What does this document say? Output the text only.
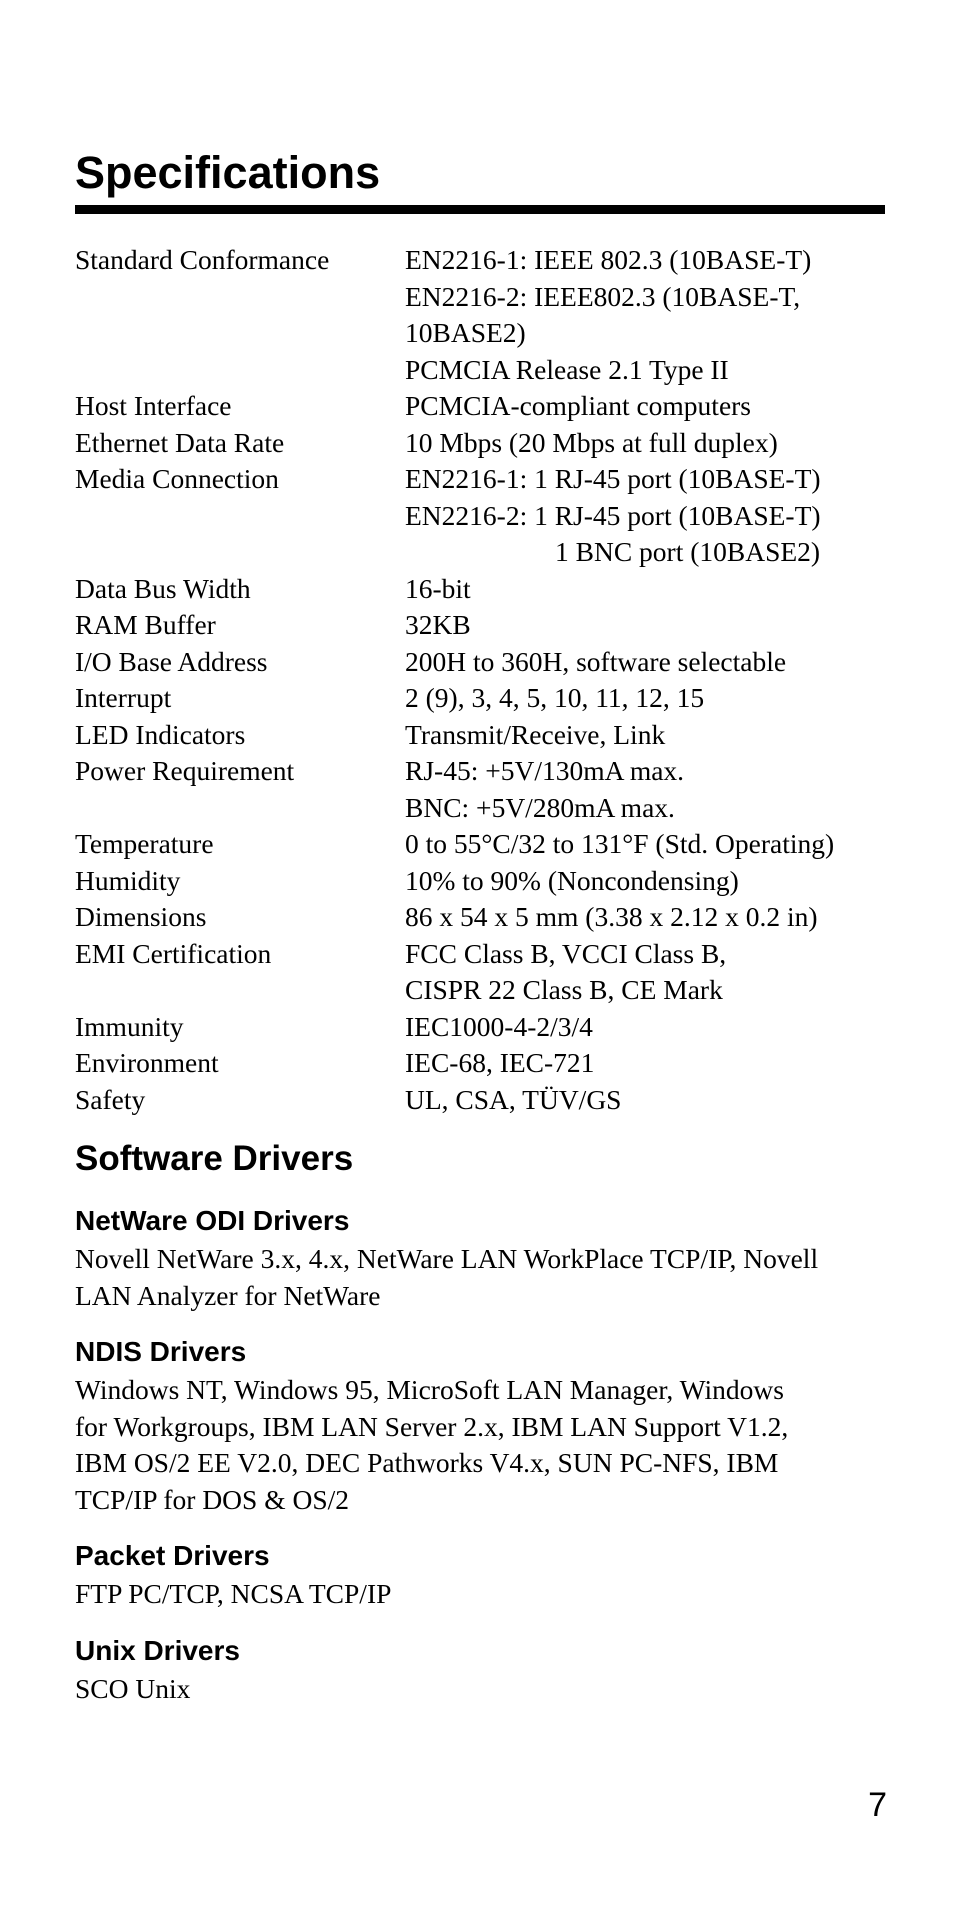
Specifications
Standard Conformance	EN2216-1: IEEE 802.3 (10BASE-T)
EN2216-2: IEEE802.3 (10BASE-T,
10BASE2)
PCMCIA Release 2.1 Type II
Host Interface	PCMCIA-compliant computers
Ethernet Data Rate	10 Mbps (20 Mbps at full duplex)
Media Connection	EN2216-1: 1 RJ-45 port (10BASE-T)
EN2216-2: 1 RJ-45 port (10BASE-T)
1 BNC port (10BASE2)
Data Bus Width	16-bit
RAM Buffer	32KB
I/O Base Address	200H to 360H, software selectable
Interrupt	2 (9), 3, 4, 5, 10, 11, 12, 15
LED Indicators	Transmit/Receive, Link
Power Requirement	RJ-45: +5V/130mA max.
BNC: +5V/280mA max.
Temperature	0 to 55°C/32 to 131°F (Std. Operating)
Humidity	10% to 90% (Noncondensing)
Dimensions	86 x 54 x 5 mm (3.38 x 2.12 x 0.2 in)
EMI Certification	FCC Class B, VCCI Class B,
CISPR 22 Class B, CE Mark
Immunity	IEC1000-4-2/3/4
Environment	IEC-68, IEC-721
Safety	UL, CSA, TÜV/GS
Software Drivers
NetWare ODI Drivers

Novell NetWare 3.x, 4.x, NetWare LAN WorkPlace TCP/IP, Novell
LAN Analyzer for NetWare

NDIS Drivers

Windows NT, Windows 95, MicroSoft LAN Manager, Windows
for Workgroups, IBM LAN Server 2.x, IBM LAN Support V1.2,
IBM OS/2 EE V2.0, DEC Pathworks V4.x, SUN PC-NFS, IBM
TCP/IP for DOS & OS/2

Packet Drivers

FTP PC/TCP, NCSA TCP/IP

Unix Drivers

SCO Unix

7
